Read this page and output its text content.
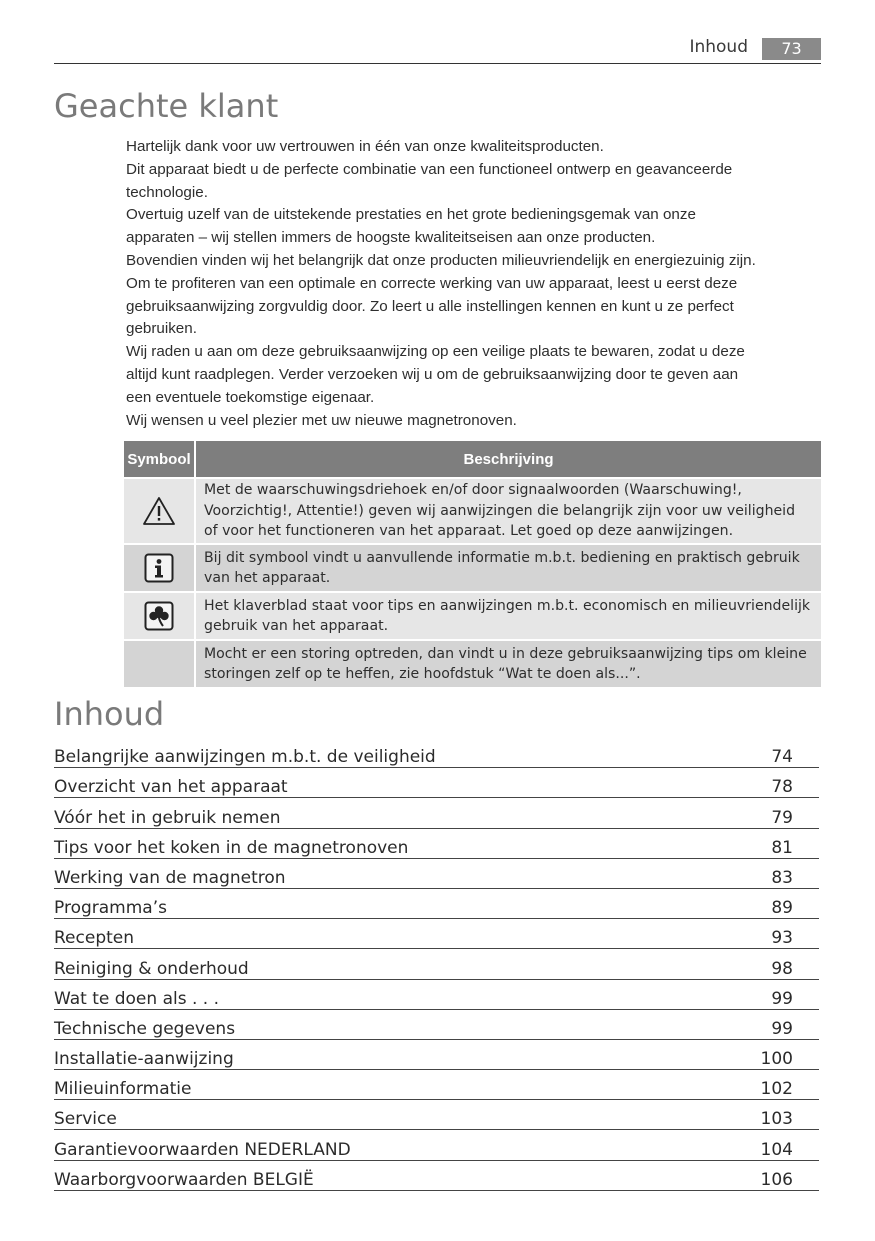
Inhoud	73
Geachte klant

Hartelijk dank voor uw vertrouwen in één van onze kwaliteitsproducten.

Dit apparaat biedt u de perfecte combinatie van een functioneel ontwerp en geavanceerde

technologie.

Overtuig uzelf van de uitstekende prestaties en het grote bedieningsgemak van onze

apparaten – wij stellen immers de hoogste kwaliteitseisen aan onze producten.

Bovendien vinden wij het belangrijk dat onze producten milieuvriendelijk en energiezuinig zijn.

Om te profiteren van een optimale en correcte werking van uw apparaat, leest u eerst deze

gebruiksaanwijzing zorgvuldig door. Zo leert u alle instellingen kennen en kunt u ze perfect

gebruiken.

Wij raden u aan om deze gebruiksaanwijzing op een veilige plaats te bewaren, zodat u deze

altijd kunt raadplegen. Verder verzoeken wij u om de gebruiksaanwijzing door te geven aan

een eventuele toekomstige eigenaar.

Wij wensen u veel plezier met uw nieuwe magnetronoven.

Symbool	Beschrijving

Met de waarschuwingsdriehoek en/of door signaalwoorden (Waarschuwing!,
Voorzichtig!, Attentie!) geven wij aanwijzingen die belangrijk zijn voor uw veiligheid
of voor het functioneren van het apparaat. Let goed op deze aanwijzingen.

Bij dit symbool vindt u aanvullende informatie m.b.t. bediening en praktisch gebruik
van het apparaat.

Het klaverblad staat voor tips en aanwijzingen m.b.t. economisch en milieuvriendelijk
gebruik van het apparaat.

	Mocht er een storing optreden, dan vindt u in deze gebruiksaanwijzing tips om kleine
storingen zelf op te heffen, zie hoofdstuk “Wat te doen als...”.
Inhoud
Belangrijke aanwijzingen m.b.t. de veiligheid	74
Overzicht van het apparaat	78
Vóór het in gebruik nemen	79
Tips voor het koken in de magnetronoven	81
Werking van de magnetron	83
Programma’s	89
Recepten	93
Reiniging & onderhoud	98
Wat te doen als . . .	99
Technische gegevens	99
Installatie-aanwijzing	100
Milieuinformatie	102
Service	103
Garantievoorwaarden NEDERLAND	104
Waarborgvoorwaarden BELGIË	106
